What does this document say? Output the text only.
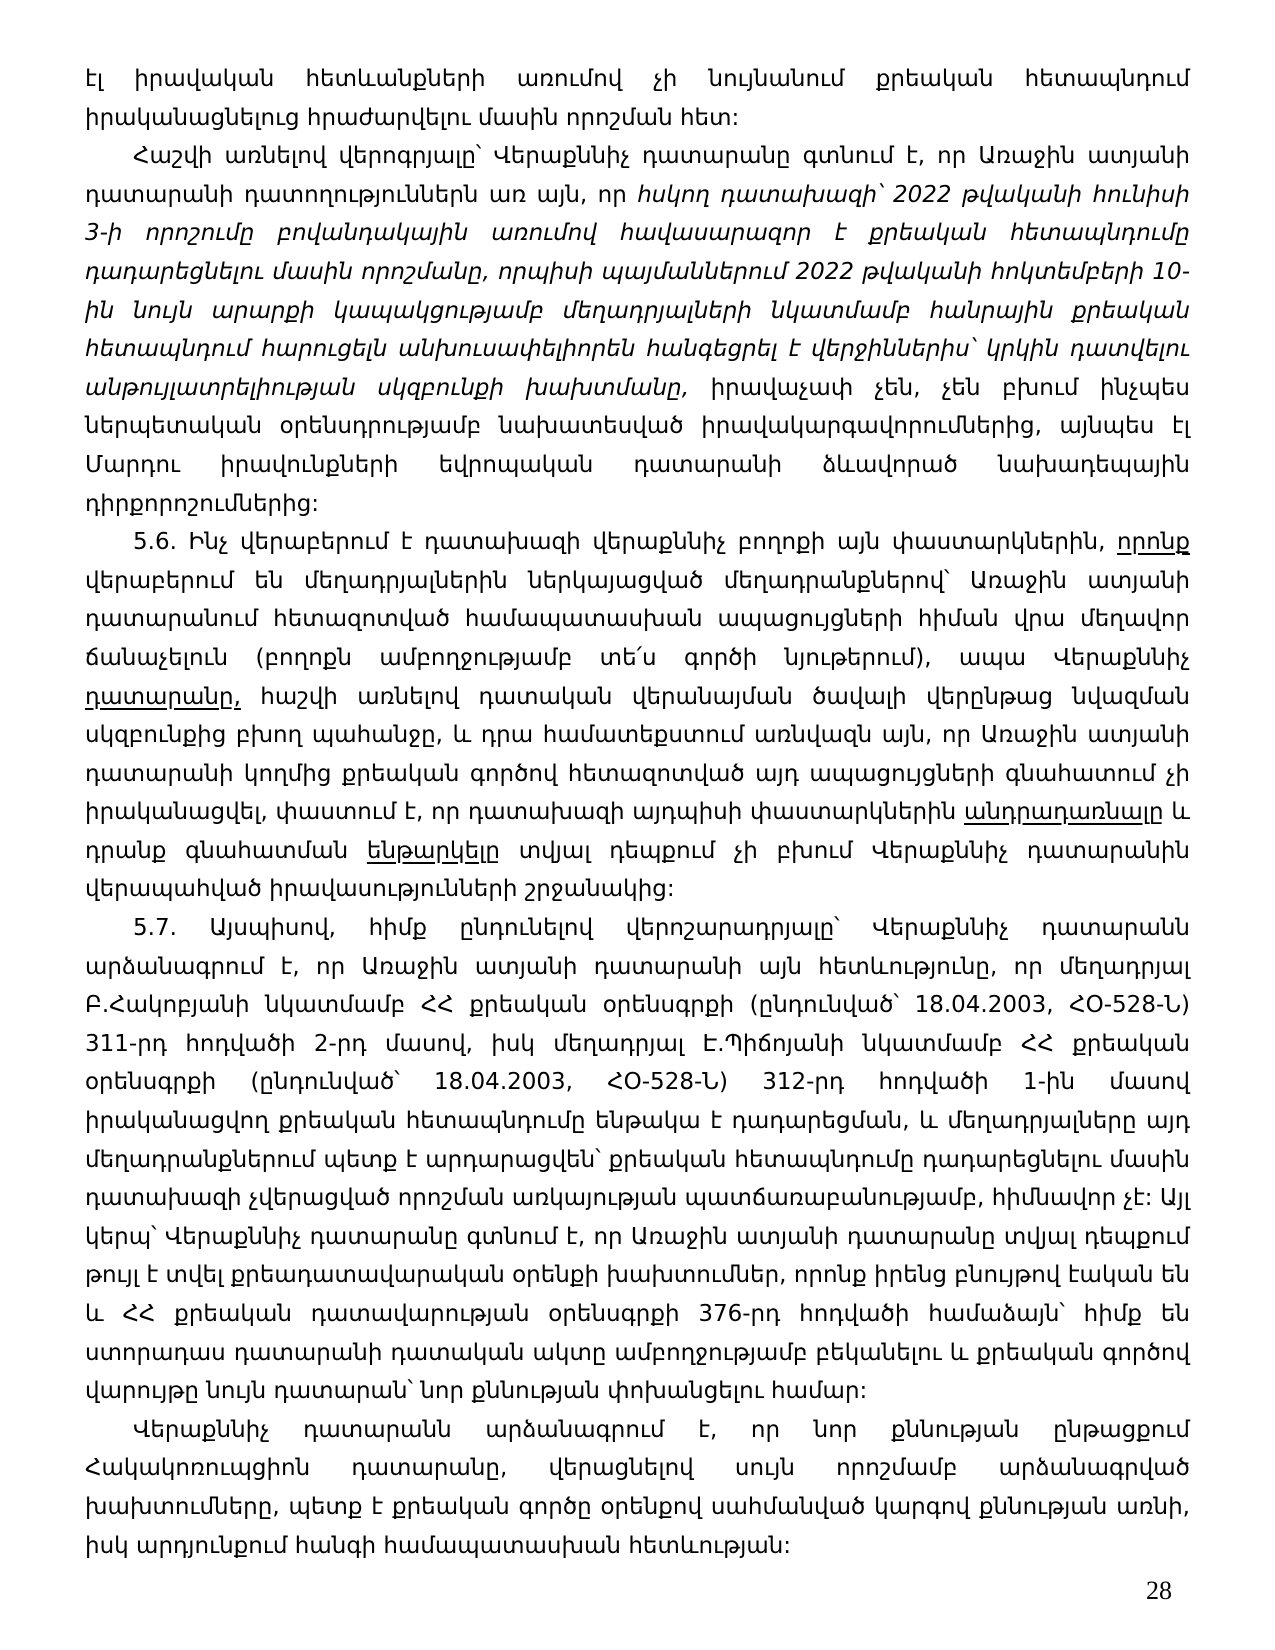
էլ իրավական հետևանքների առումով չի նույնանում քրեական հետապնդում իրականացնելուց հրաժարվելու մասին որոշման հետ:

Հաշվի առնելով վերոգրյալը՝ Վերաքննիչ դատարանը գտնում է, որ Առաջին ատյանի դատարանի դատողություններն առ այն, որ հսկող դատախազի՝ 2022 թվականի հունիսի 3-ի որոշումը բովանդակային առումով հավասարազոր է քրեական հետապնդումը դադարեցնելու մասին որոշմանը, որպիսի պայմաններում 2022 թվականի հոկտեմբերի 10-ին նույն արարքի կապակցությամբ մեղադրյալների նկատմամբ հանրային քրեական հետապնդում հարուցելն անխուսափելիորեն հանգեցրել է վերջիններիս՝ կրկին դատվելու անթույլատրելիության սկզբունքի խախտմանը, իրավաչափ չեն, չեն բխում ինչպես ներպետական օրենսդրությամբ նախատեսված իրավակարգավորումներից, այնպես էլ Մարդու իրավունքների եվրոպական դատարանի ձևավորած նախադեպային դիրքորոշումներից:

5.6. Ինչ վերաբերում է դատախազի վերաքննիչ բողոքի այն փաստարկներին, որոնք վերաբերում են մեղադրյալներին ներկայացված մեղադրանքներով՝ Առաջին ատյանի դատարանում հետազոտված համապատասխան ապացույցների հիման վրա մեղավոր ճանաչելուն (բողոքն ամբողջությամբ տե՛ս գործի նյութերում), ապա Վերաքննիչ դատարանը, հաշվի առնելով դատական վերանայման ծավալի վերընթաց նվազման սկզբունքից բխող պահանջը, և դրա համատեքստում առնվազն այն, որ Առաջին ատյանի դատարանի կողմից քրեական գործով հետազոտված այդ ապացույցների գնահատում չի իրականացվել, փաստում է, որ դատախազի այդպիսի փաստարկներին անդրադառնալը և դրանք գնահատման ենթարկելը տվյալ դեպքում չի բխում Վերաքննիչ դատարանին վերապահված իրավասությունների շրջանակից:

5.7. Այսպիսով, հիմք ընդունելով վերոշարադրյալը՝ Վերաքննիչ դատարանն արձանագրում է, որ Առաջին ատյանի դատարանի այն հետևությունը, որ մեղադրյալ Բ.Հակոբյանի նկատմամբ ՀՀ քրեական օրենսգրքի (ընդունված՝ 18.04.2003, ՀՕ-528-Ն) 311-րդ հոդվածի 2-րդ մասով, իսկ մեղադրյալ Է.Պիճոյանի նկատմամբ ՀՀ քրեական օրենսգրքի (ընդունված՝ 18.04.2003, ՀՕ-528-Ն) 312-րդ հոդվածի 1-ին մասով իրականացվող քրեական հետապնդումը ենթակա է դադարեցման, և մեղադրյալները այդ մեղադրանքներում պետք է արդարացվեն՝ քրեական հետապնդումը դադարեցնելու մասին դատախազի չվերացված որոշման առկայության պատճառաբանությամբ, հիմնավոր չէ: Այլ կերպ՝ Վերաքննիչ դատարանը գտնում է, որ Առաջին ատյանի դատարանը տվյալ դեպքում թույլ է տվել քրեադատավարական օրենքի խախտումներ, որոնք իրենց բնույթով էական են և ՀՀ քրեական դատավարության օրենսգրքի 376-րդ հոդվածի համաձայն՝ հիմք են ստորադաս դատարանի դատական ակտը ամբողջությամբ բեկանելու և քրեական գործով վարույթը նույն դատարան՝ նոր քննության փոխանցելու համար:

Վերաքննիչ դատարանն արձանագրում է, որ նոր քննության ընթացքում Հակակոռուպցիոն դատարանը, վերացնելով սույն որոշմամբ արձանագրված խախտումները, պետք է քրեական գործը օրենքով սահմանված կարգով քննության առնի, իսկ արդյունքում հանգի համապատասխան հետևության:

28
